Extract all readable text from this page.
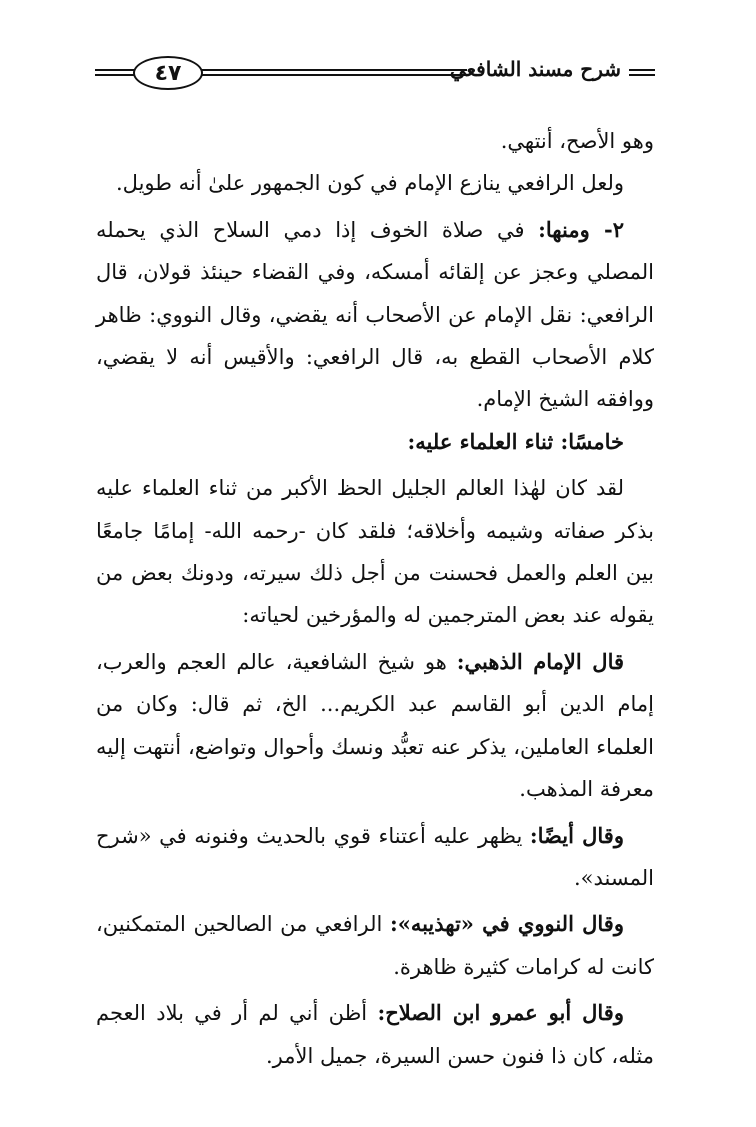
شرح مسند الشافعي
٤٧

وهو الأصح، أنتهي.

ولعل الرافعي ينازع الإمام في كون الجمهور علىٰ أنه طويل.

٢- ومنها: في صلاة الخوف إذا دمي السلاح الذي يحمله المصلي وعجز عن إلقائه أمسكه، وفي القضاء حينئذ قولان، قال الرافعي: نقل الإمام عن الأصحاب أنه يقضي، وقال النووي: ظاهر كلام الأصحاب القطع به، قال الرافعي: والأقيس أنه لا يقضي، ووافقه الشيخ الإمام.

خامسًا: ثناء العلماء عليه:

لقد كان لهٰذا العالم الجليل الحظ الأكبر من ثناء العلماء عليه بذكر صفاته وشيمه وأخلاقه؛ فلقد كان -رحمه الله- إمامًا جامعًا بين العلم والعمل فحسنت من أجل ذلك سيرته، ودونك بعض من يقوله عند بعض المترجمين له والمؤرخين لحياته:

قال الإمام الذهبي: هو شيخ الشافعية، عالم العجم والعرب، إمام الدين أبو القاسم عبد الكريم... الخ، ثم قال: وكان من العلماء العاملين، يذكر عنه تعبُّد ونسك وأحوال وتواضع، أنتهت إليه معرفة المذهب.

وقال أيضًا: يظهر عليه أعتناء قوي بالحديث وفنونه في «شرح المسند».

وقال النووي في «تهذيبه»: الرافعي من الصالحين المتمكنين، كانت له كرامات كثيرة ظاهرة.

وقال أبو عمرو ابن الصلاح: أظن أني لم أر في بلاد العجم مثله، كان ذا فنون حسن السيرة، جميل الأمر.
